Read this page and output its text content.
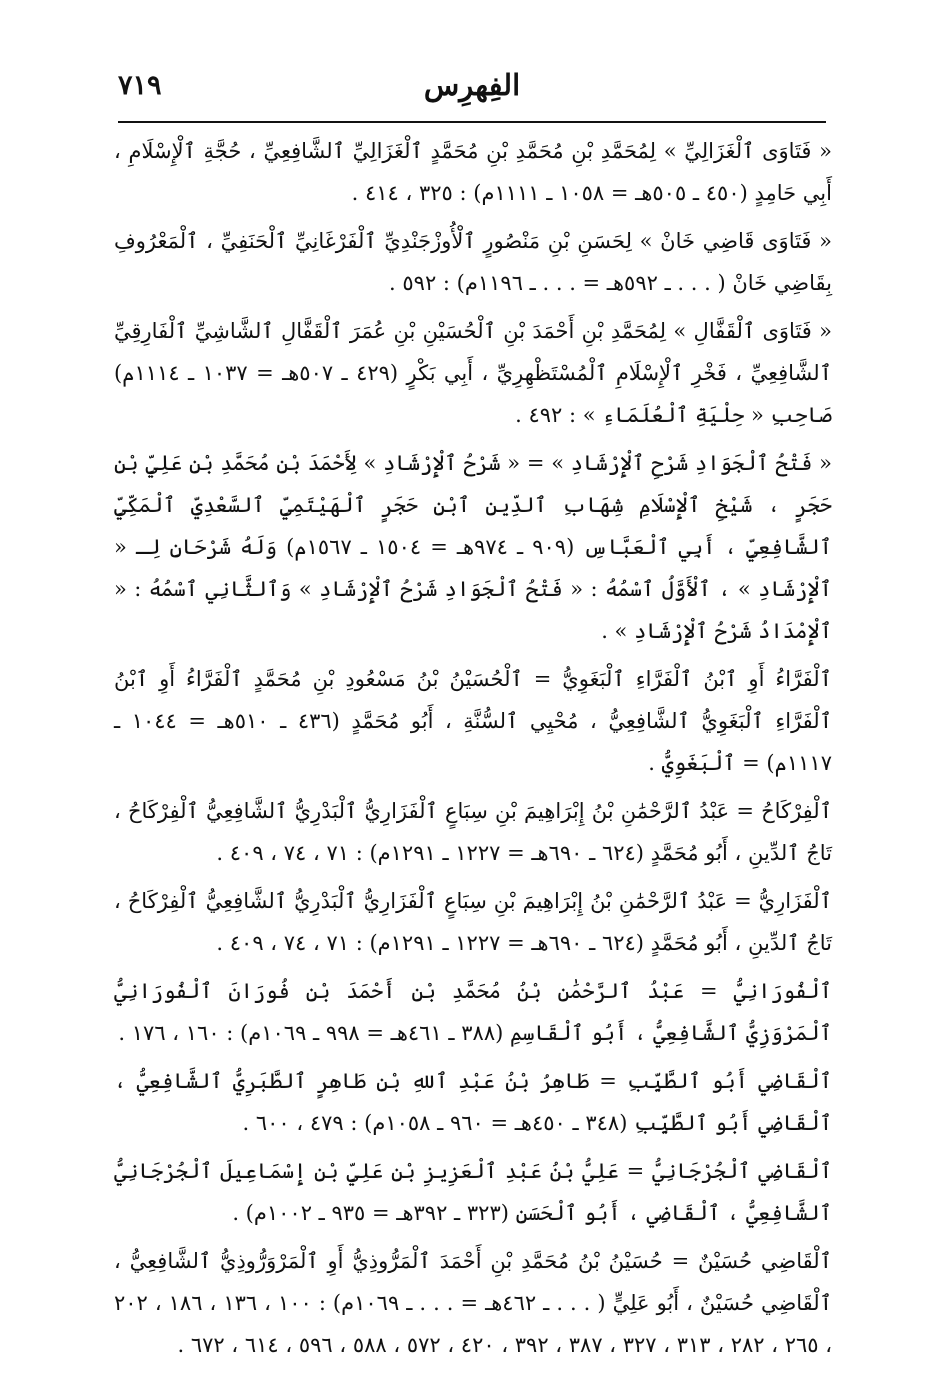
٧١٩	الفِهرِس

« فَتَاوَى ٱلْغَزَالِيِّ » لِمُحَمَّدِ بْنِ مُحَمَّدِ بْنِ مُحَمَّدٍ ٱلْغَزَالِيِّ ٱلشَّافِعِيِّ ، حُجَّةِ ٱلْإِسْلَامِ ، أَبِي حَامِدٍ (٤٥٠ ـ ٥٠٥هـ = ١٠٥٨ ـ ١١١١م) : ٣٢٥ ، ٤١٤ .

« فَتَاوَى قَاضِي خَانْ » لِحَسَنِ بْنِ مَنْصُورٍ ٱلْأُوزْجَنْدِيِّ ٱلْفَرْغَانِيِّ ٱلْحَنَفِيِّ ، ٱلْمَعْرُوفِ بِقَاضِي خَانْ ( . . . ـ ٥٩٢هـ = . . . ـ ١١٩٦م) : ٥٩٢ .

« فَتَاوَى ٱلْقَفَّالِ » لِمُحَمَّدِ بْنِ أَحْمَدَ بْنِ ٱلْحُسَيْنِ بْنِ عُمَرَ ٱلْقَفَّالِ ٱلشَّاشِيِّ ٱلْفَارِقِيِّ ٱلشَّافِعِيِّ ، فَخْرِ ٱلْإِسْلَامِ ٱلْمُسْتَظْهِرِيِّ ، أَبِي بَكْرٍ (٤٢٩ ـ ٥٠٧هـ = ١٠٣٧ ـ ١١١٤م) صَاحِبِ « حِلْيَةِ ٱلْعُلَمَاءِ » : ٤٩٢ .

« فَتْحُ ٱلْجَوَادِ شَرْحِ ٱلْإِرْشَادِ » = « شَرْحُ ٱلْإِرْشَادِ » لِأَحْمَدَ بْنِ مُحَمَّدِ بْنِ عَلِيِّ بْنِ حَجَرٍ ، شَيْخِ ٱلْإِسْلَامِ شِهَابِ ٱلدِّينِ ٱبْنِ حَجَرٍ ٱلْهَيْتَمِيِّ ٱلسَّعْدِيِّ ٱلْمَكِّيِّ ٱلشَّافِعِيِّ ، أَبِي ٱلْعَبَّاسِ (٩٠٩ ـ ٩٧٤هـ = ١٥٠٤ ـ ١٥٦٧م) وَلَهُ شَرْحَانِ لِـ « ٱلْإِرْشَادِ » ، ٱلْأَوَّلُ ٱسْمُهُ : « فَتْحُ ٱلْجَوَادِ شَرْحُ ٱلْإِرْشَادِ » وَٱلثَّانِي ٱسْمُهُ : « ٱلْإِمْدَادُ شَرْحُ ٱلْإِرْشَادِ » .

ٱلْفَرَّاءُ أَوِ ٱبْنُ ٱلْفَرَّاءِ ٱلْبَغَوِيُّ = ٱلْحُسَيْنُ بْنُ مَسْعُودِ بْنِ مُحَمَّدٍ ٱلْفَرَّاءُ أَوِ ٱبْنُ ٱلْفَرَّاءِ ٱلْبَغَوِيُّ ٱلشَّافِعِيُّ ، مُحْيِي ٱلسُّنَّةِ ، أَبُو مُحَمَّدٍ (٤٣٦ ـ ٥١٠هـ = ١٠٤٤ ـ ١١١٧م) = ٱلْبَغَوِيُّ .

ٱلْفِرْكَاحُ = عَبْدُ ٱلرَّحْمَٰنِ بْنُ إِبْرَاهِيمَ بْنِ سِبَاعٍ ٱلْفَزَارِيُّ ٱلْبَدْرِيُّ ٱلشَّافِعِيُّ ٱلْفِرْكَاحُ ، تَاجُ ٱلدِّينِ ، أَبُو مُحَمَّدٍ (٦٢٤ ـ ٦٩٠هـ = ١٢٢٧ ـ ١٢٩١م) : ٧١ ، ٧٤ ، ٤٠٩ .

ٱلْفَزَارِيُّ = عَبْدُ ٱلرَّحْمَٰنِ بْنُ إِبْرَاهِيمَ بْنِ سِبَاعٍ ٱلْفَزَارِيُّ ٱلْبَدْرِيُّ ٱلشَّافِعِيُّ ٱلْفِرْكَاحُ ، تَاجُ ٱلدِّينِ ، أَبُو مُحَمَّدٍ (٦٢٤ ـ ٦٩٠هـ = ١٢٢٧ ـ ١٢٩١م) : ٧١ ، ٧٤ ، ٤٠٩ .

ٱلْفُورَانِيُّ = عَبْدُ ٱلرَّحْمَٰنِ بْنُ مُحَمَّدِ بْنِ أَحْمَدَ بْنِ فُورَانَ ٱلْفُورَانِيُّ ٱلْمَرْوَزِيُّ ٱلشَّافِعِيُّ ، أَبُو ٱلْقَاسِمِ (٣٨٨ ـ ٤٦١هـ = ٩٩٨ ـ ١٠٦٩م) : ١٦٠ ، ١٧٦ .

ٱلْقَاضِي أَبُو ٱلطَّيِّبِ = طَاهِرُ بْنُ عَبْدِ ٱللهِ بْنِ طَاهِرٍ ٱلطَّبَرِيُّ ٱلشَّافِعِيُّ ، ٱلْقَاضِي أَبُو ٱلطَّيِّبِ (٣٤٨ ـ ٤٥٠هـ = ٩٦٠ ـ ١٠٥٨م) : ٤٧٩ ، ٦٠٠ .

ٱلْقَاضِي ٱلْجُرْجَانِيُّ = عَلِيُّ بْنُ عَبْدِ ٱلْعَزِيزِ بْنِ عَلِيِّ بْنِ إِسْمَاعِيلَ ٱلْجُرْجَانِيُّ ٱلشَّافِعِيُّ ، ٱلْقَاضِي ، أَبُو ٱلْحَسَنِ (٣٢٣ ـ ٣٩٢هـ = ٩٣٥ ـ ١٠٠٢م) .

ٱلْقَاضِي حُسَيْنٌ = حُسَيْنُ بْنُ مُحَمَّدِ بْنِ أَحْمَدَ ٱلْمَرُّوذِيُّ أَوِ ٱلْمَرْوَرُّوذِيُّ ٱلشَّافِعِيُّ ، ٱلْقَاضِي حُسَيْنٌ ، أَبُو عَلِيٍّ ( . . . ـ ٤٦٢هـ = . . . ـ ١٠٦٩م) : ١٠٠ ، ١٣٦ ، ١٨٦ ، ٢٠٢ ، ٢٦٥ ، ٢٨٢ ، ٣١٣ ، ٣٢٧ ، ٣٨٧ ، ٣٩٢ ، ٤٢٠ ، ٥٧٢ ، ٥٨٨ ، ٥٩٦ ، ٦١٤ ، ٦٧٢ .
